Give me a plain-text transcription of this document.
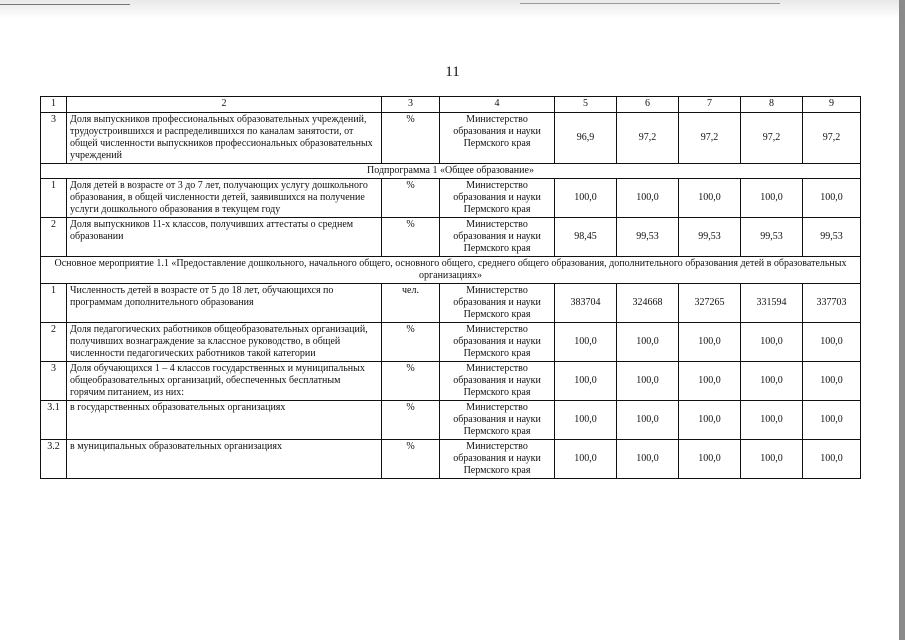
11
1	2	3	4	5	6	7	8	9
3	Доля выпускников профессиональных образовательных учреждений, трудоустроившихся и распределившихся по каналам занятости, от общей численности выпускников профессиональных образовательных учреждений	%	Министерство образования и науки Пермского края	96,9	97,2	97,2	97,2	97,2
Подпрограмма 1 «Общее образование»								
1	Доля детей в возрасте от 3 до 7 лет, получающих услугу дошкольного образования, в общей численности детей, заявившихся на получение услуги дошкольного образования в текущем году	%	Министерство образования и науки Пермского края	100,0	100,0	100,0	100,0	100,0
2	Доля выпускников 11-х классов, получивших аттестаты о среднем образовании	%	Министерство образования и науки Пермского края	98,45	99,53	99,53	99,53	99,53
Основное мероприятие 1.1 «Предоставление дошкольного, начального общего, основного общего, среднего общего образования, дополнительного образования детей в образовательных организациях»								
1	Численность детей в возрасте от 5 до 18 лет, обучающихся по программам дополнительного образования	чел.	Министерство образования и науки Пермского края	383704	324668	327265	331594	337703
2	Доля педагогических работников общеобразовательных организаций, получивших вознаграждение за классное руководство, в общей численности педагогических работников такой категории	%	Министерство образования и науки Пермского края	100,0	100,0	100,0	100,0	100,0
3	Доля обучающихся 1 – 4 классов государственных и муниципальных общеобразовательных организаций, обеспеченных бесплатным горячим питанием, из них:	%	Министерство образования и науки Пермского края	100,0	100,0	100,0	100,0	100,0
3.1	в государственных образовательных организациях	%	Министерство образования и науки Пермского края	100,0	100,0	100,0	100,0	100,0
3.2	в муниципальных образовательных организациях	%	Министерство образования и науки Пермского края	100,0	100,0	100,0	100,0	100,0
